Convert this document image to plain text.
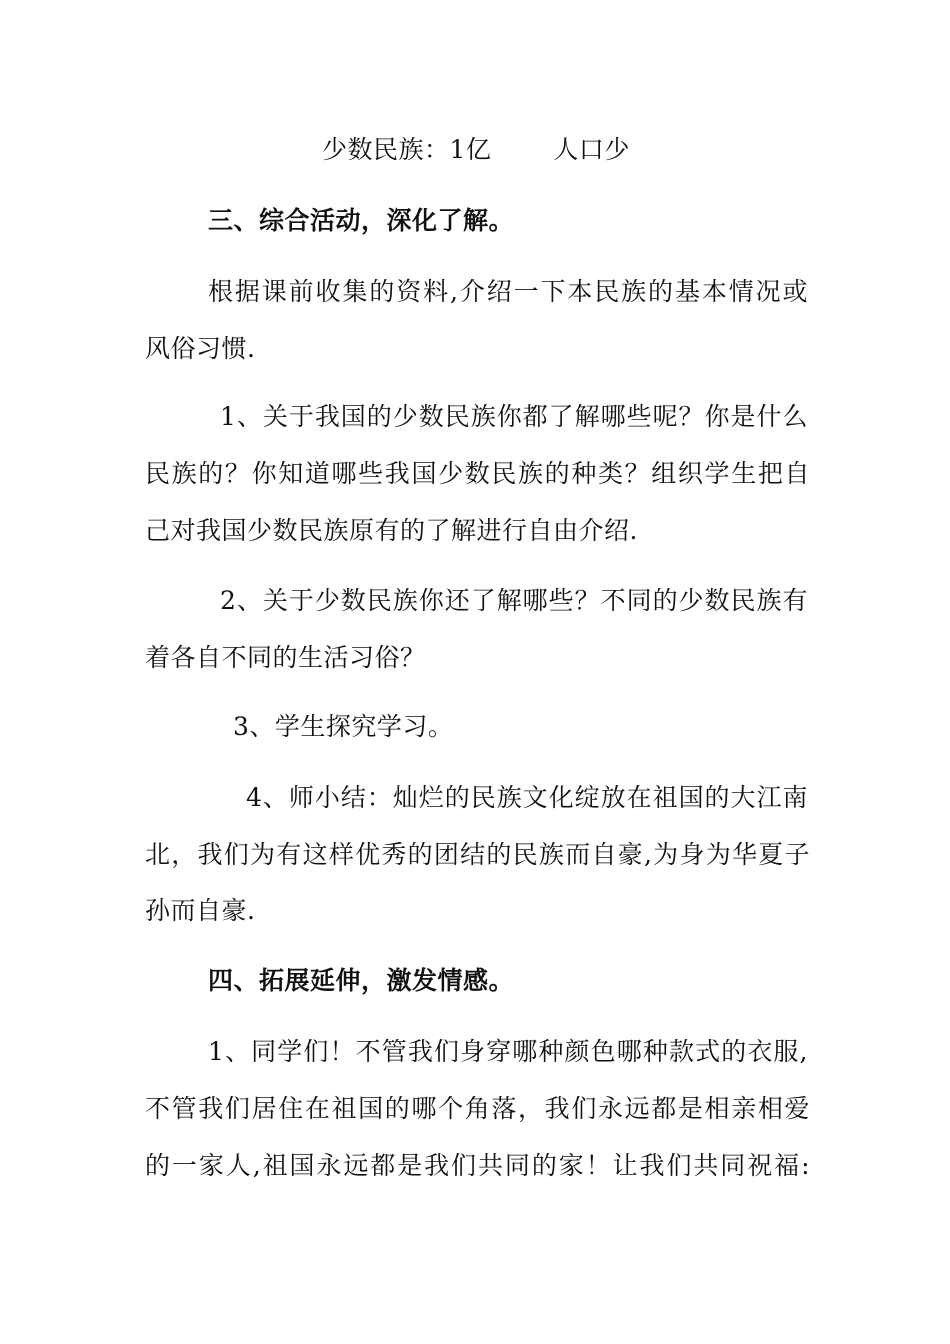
少数民族：1亿 人口少
三、综合活动，深化了解。
根据课前收集的资料,介绍一下本民族的基本情况或
风俗习惯.
1、关于我国的少数民族你都了解哪些呢？你是什么
民族的？你知道哪些我国少数民族的种类？组织学生把自
己对我国少数民族原有的了解进行自由介绍.
2、关于少数民族你还了解哪些？不同的少数民族有
着各自不同的生活习俗？
3、学生探究学习。
4、师小结：灿烂的民族文化绽放在祖国的大江南
北，我们为有这样优秀的团结的民族而自豪,为身为华夏子
孙而自豪.
四、拓展延伸，激发情感。
1、同学们！不管我们身穿哪种颜色哪种款式的衣服,
不管我们居住在祖国的哪个角落，我们永远都是相亲相爱
的一家人,祖国永远都是我们共同的家！让我们共同祝福:
